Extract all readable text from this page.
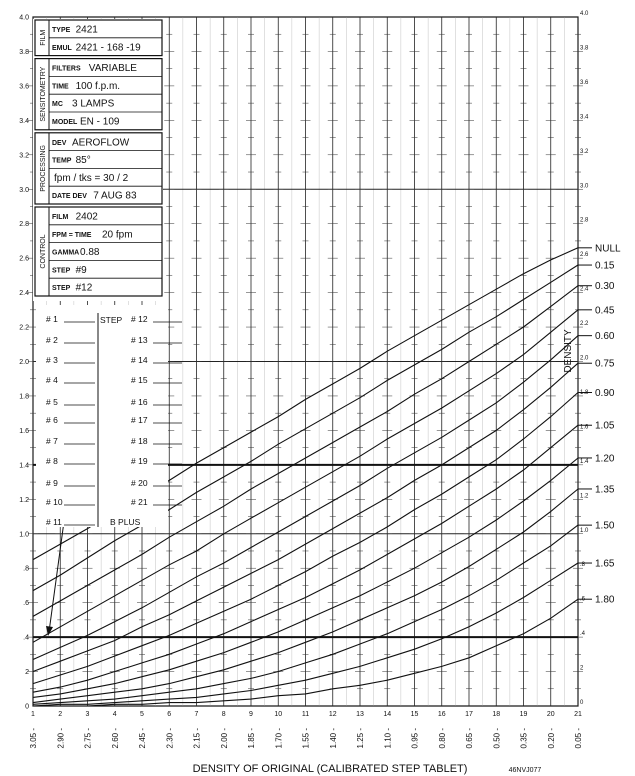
NULL
0.15
0.30
0.45
0.60
0.75
0.90
1.05
1.20
1.35
1.50
1.65
1.80
0
0
2
2
.4
.4
.6
.6
.8
.8
1.0
1.0
1.2
1.2
1.4
1.4
1.6
1.6
1.8
1.8
2.0
2.0
2.2
2.2
2.4
2.4
2.6
2.6
2.8
2.8
3.0
3.0
3.2
3.2
3.4
3.4
3.6
3.6
3.8
3.8
4.0
4.0
1
3.05 -
2
2.90 -
3
2.75 -
4
2.60 -
5
2.45 -
6
2.30 -
7
2.15 -
8
2.00 -
9
1.85 -
10
1.70 -
11
1.55 -
12
1.40 -
13
1.25 -
14
1.10 -
15
0.95 -
16
0.80 -
17
0.65 -
18
0.50 -
19
0.35 -
20
0.20 -
21
0.05 -
FILM TYPE 2421
EMUL 2421 - 168 -19
SENSITOMETRY FILTERS VARIABLE
TIME 100 f.p.m.
MC 3 LAMPS
MODEL EN - 109
PROCESSING
DEV AEROFLOW
TEMP 85°
fpm / tks = 30 / 2
DATE DEV 7 AUG 83
CONTROL
FILM 2402
FPM = TIME 20 fpm
GAMMA 0.88
STEP #9
STEP #12
STEP
# 1
# 2
# 3
# 4
# 5
# 6
# 7
# 8
# 9
# 10
# 11
# 12
# 13
# 14
# 15
# 16
# 17
# 18
# 19
# 20
# 21
B PLUS
DENSITY OF ORIGINAL (CALIBRATED STEP TABLET)	46NVJ077
DENSITY
